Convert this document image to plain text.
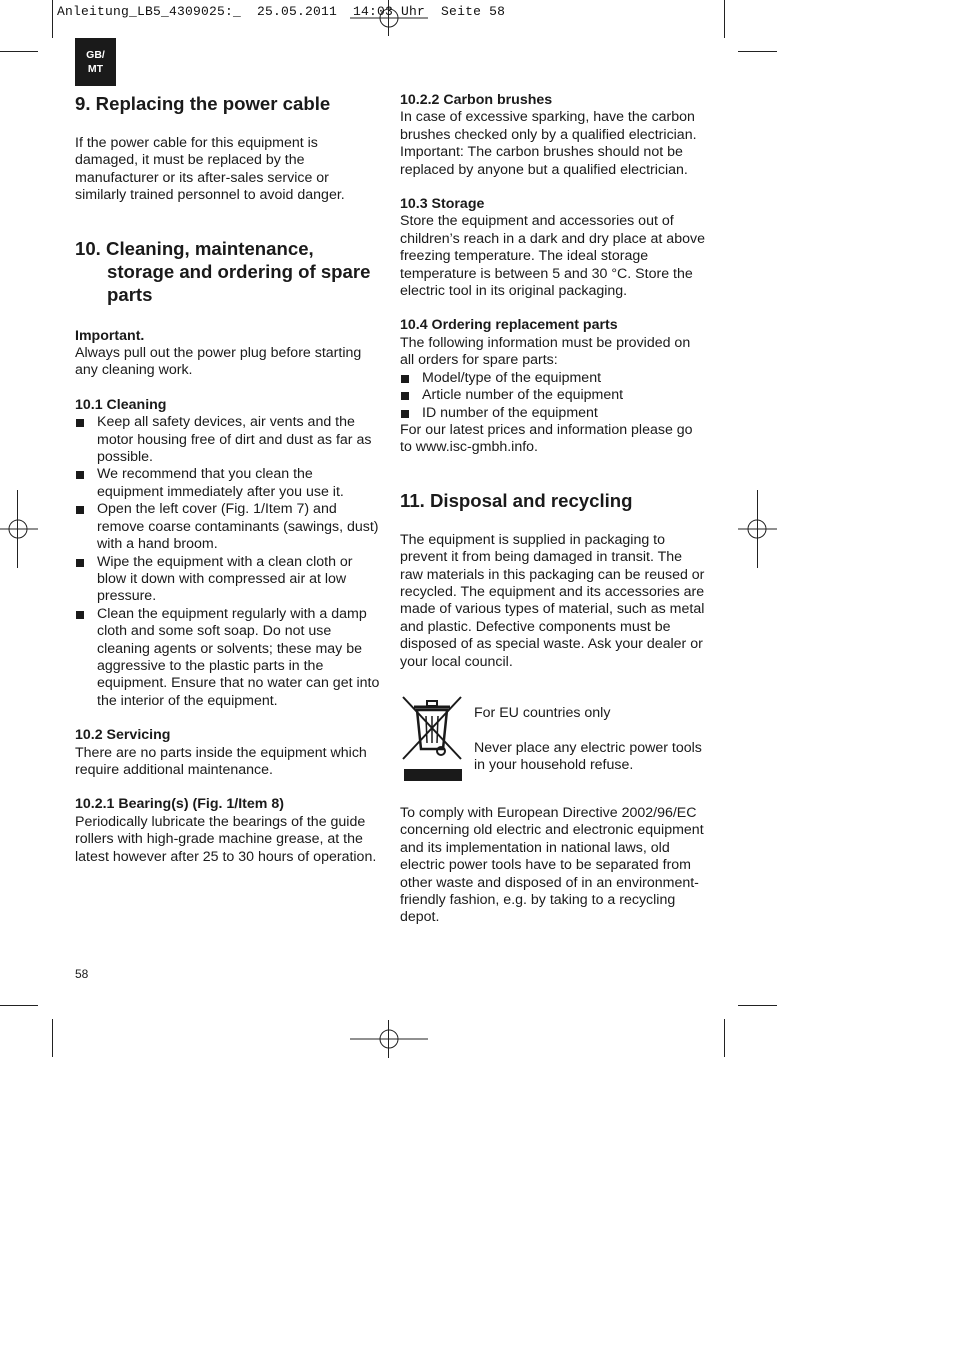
Anleitung_LB5_4309025:_  25.05.2011  14:03 Uhr  Seite 58
GB/
MT
9. Replacing the power cable

If the power cable for this equipment is damaged, it must be replaced by the manufacturer or its after-sales service or similarly trained personnel to avoid danger.

10. Cleaning, maintenance, storage and ordering of spare parts
Important.

Always pull out the power plug before starting any cleaning work.

10.1 Cleaning
Keep all safety devices, air vents and the motor housing free of dirt and dust as far as possible.
We recommend that you clean the equipment immediately after you use it.
Open the left cover (Fig. 1/Item 7) and remove coarse contaminants (sawings, dust) with a hand broom.
Wipe the equipment with a clean cloth or blow it down with compressed air at low pressure.
Clean the equipment regularly with a damp cloth and some soft soap. Do not use cleaning agents or solvents; these may be aggressive to the plastic parts in the equipment. Ensure that no water can get into the interior of the equipment.
10.2 Servicing

There are no parts inside the equipment which require additional maintenance.

10.2.1 Bearing(s) (Fig. 1/Item 8)

Periodically lubricate the bearings of the guide rollers with high-grade machine grease, at the latest however after 25 to 30 hours of operation.

10.2.2 Carbon brushes

In case of excessive sparking, have the carbon brushes checked only by a qualified electrician. Important: The carbon brushes should not be replaced by anyone but a qualified electrician.

10.3 Storage

Store the equipment and accessories out of children’s reach in a dark and dry place at above freezing temperature. The ideal storage temperature is between 5 and 30 °C. Store the electric tool in its original packaging.

10.4 Ordering replacement parts

The following information must be provided on all orders for spare parts:

Model/type of the equipment
Article number of the equipment
ID number of the equipment

For our latest prices and information please go to www.isc-gmbh.info.

11. Disposal and recycling

The equipment is supplied in packaging to prevent it from being damaged in transit. The raw materials in this packaging can be reused or recycled. The equipment and its accessories are made of various types of material, such as metal and plastic. Defective components must be disposed of as special waste. Ask your dealer or your local council.

For EU countries only

Never place any electric power tools in your household refuse.

To comply with European Directive 2002/96/EC concerning old electric and electronic equipment and its implementation in national laws, old electric power tools have to be separated from other waste and disposed of in an environment-friendly fashion, e.g. by taking to a recycling depot.

58
